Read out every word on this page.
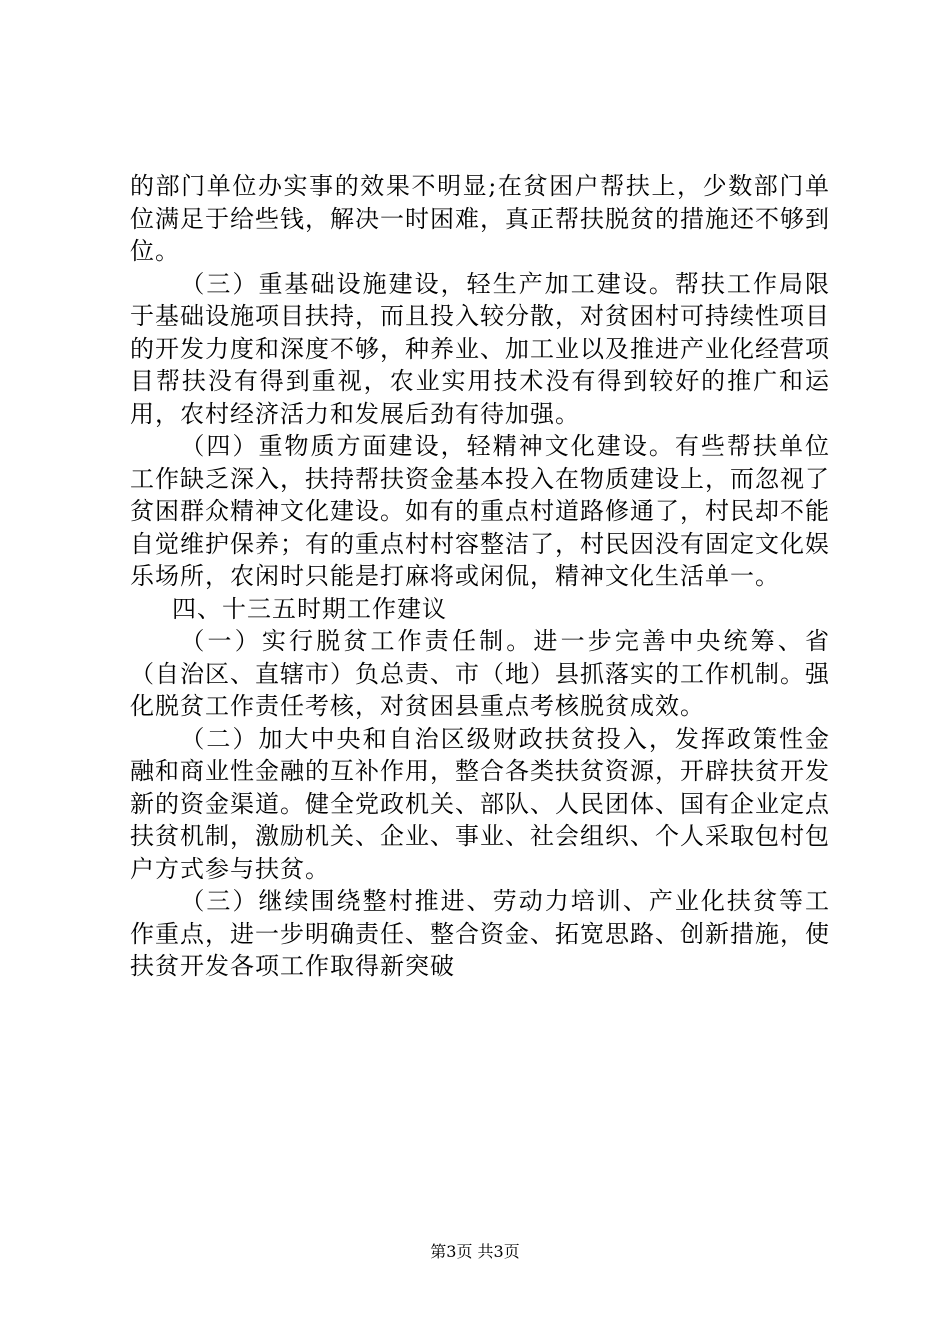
的部门单位办实事的效果不明显;在贫困户帮扶上，少数部门单位满足于给些钱，解决一时困难，真正帮扶脱贫的措施还不够到位。

（三）重基础设施建设，轻生产加工建设。帮扶工作局限于基础设施项目扶持，而且投入较分散，对贫困村可持续性项目的开发力度和深度不够，种养业、加工业以及推进产业化经营项目帮扶没有得到重视，农业实用技术没有得到较好的推广和运用，农村经济活力和发展后劲有待加强。

（四）重物质方面建设，轻精神文化建设。有些帮扶单位工作缺乏深入，扶持帮扶资金基本投入在物质建设上，而忽视了贫困群众精神文化建设。如有的重点村道路修通了，村民却不能自觉维护保养；有的重点村村容整洁了，村民因没有固定文化娱乐场所，农闲时只能是打麻将或闲侃，精神文化生活单一。

四、十三五时期工作建议

（一）实行脱贫工作责任制。进一步完善中央统筹、省（自治区、直辖市）负总责、市（地）县抓落实的工作机制。强化脱贫工作责任考核，对贫困县重点考核脱贫成效。

（二）加大中央和自治区级财政扶贫投入，发挥政策性金融和商业性金融的互补作用，整合各类扶贫资源，开辟扶贫开发新的资金渠道。健全党政机关、部队、人民团体、国有企业定点扶贫机制，激励机关、企业、事业、社会组织、个人采取包村包户方式参与扶贫。

（三）继续围绕整村推进、劳动力培训、产业化扶贫等工作重点，进一步明确责任、整合资金、拓宽思路、创新措施，使扶贫开发各项工作取得新突破

第3页 共3页
